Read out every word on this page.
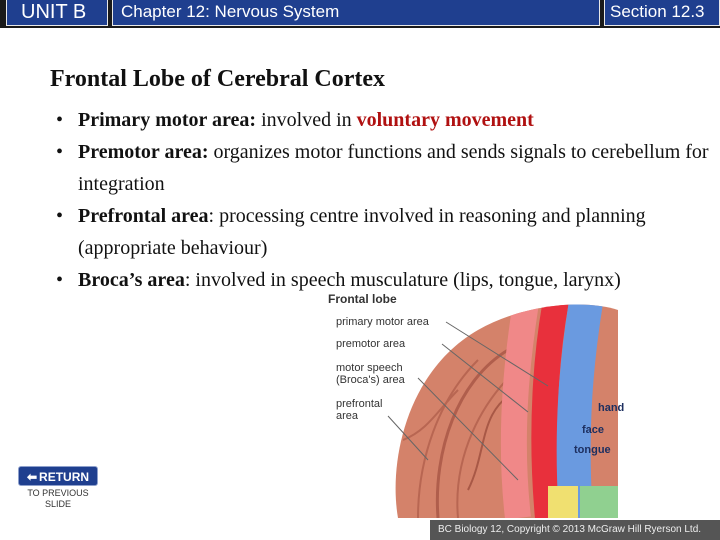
UNIT B Chapter 12: Nervous System	Section 12.3
Frontal Lobe of Cerebral Cortex
• Primary motor area: involved in voluntary movement
• Premotor area: organizes motor functions and sends signals to cerebellum for integration
• Prefrontal area: processing centre involved in reasoning and planning (appropriate behaviour)
• Broca’s area: involved in speech musculature (lips, tongue, larynx)
Frontal lobe
primary motor area
premotor area
motor speech
(Broca's) area
prefrontal
area
hand
face
tongue
⬅ RETURN
TO PREVIOUS
SLIDE
BC Biology 12, Copyright © 2013 McGraw Hill Ryerson Ltd.
